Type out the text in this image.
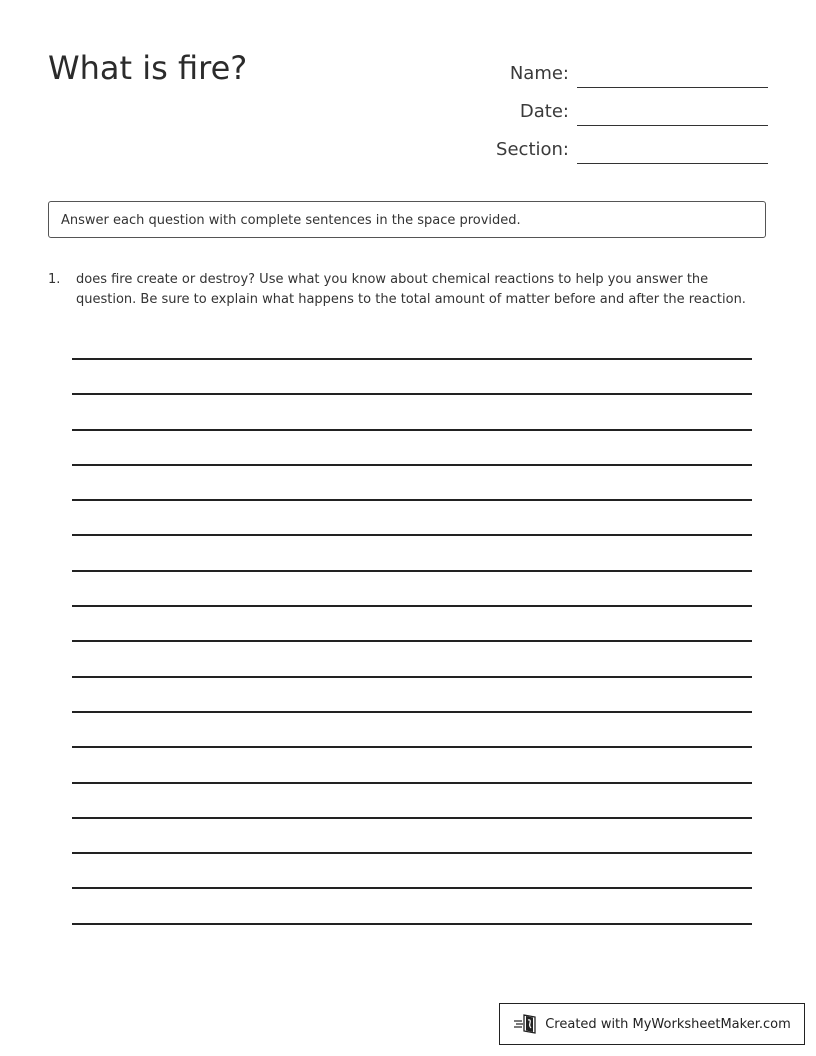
What is fire?	Name:
Date:
Section:
Answer each question with complete sentences in the space provided.
1. does fire create or destroy? Use what you know about chemical reactions to help you answer the question. Be sure to explain what happens to the total amount of matter before and after the reaction.
Created with MyWorksheetMaker.com
